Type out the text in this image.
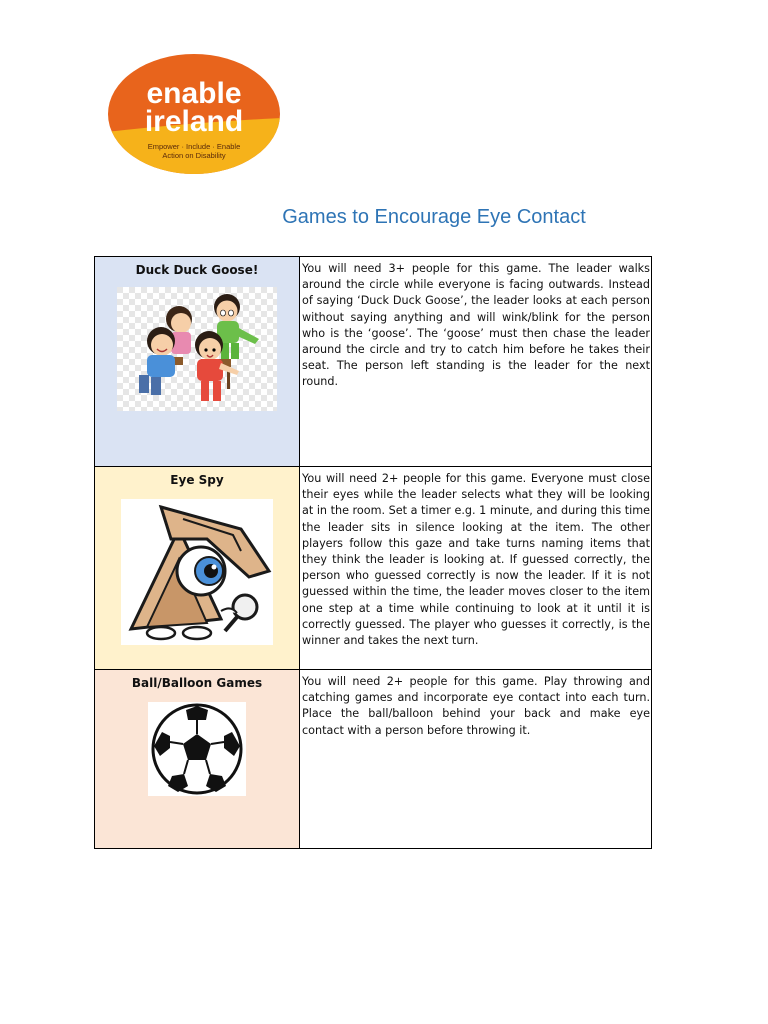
enable
ireland
Empower · Include · Enable
Action on Disability
Games to Encourage Eye Contact
Duck Duck Goose!	You will need 3+ people for this game. The leader walks around the circle while everyone is facing outwards. Instead of saying ‘Duck Duck Goose’, the leader looks at each person without saying anything and will wink/blink for the person who is the ‘goose’. The ‘goose’ must then chase the leader around the circle and try to catch him before he takes their seat. The person left standing is the leader for the next round.

Eye Spy	You will need 2+ people for this game. Everyone must close their eyes while the leader selects what they will be looking at in the room. Set a timer e.g. 1 minute, and during this time the leader sits in silence looking at the item. The other players follow this gaze and take turns naming items that they think the leader is looking at. If guessed correctly, the person who guessed correctly is now the leader. If it is not guessed within the time, the leader moves closer to the item one step at a time while continuing to look at it until it is correctly guessed. The player who guesses it correctly, is the winner and takes the next turn.

Ball/Balloon Games	You will need 2+ people for this game. Play throwing and catching games and incorporate eye contact into each turn. Place the ball/balloon behind your back and make eye contact with a person before throwing it.
